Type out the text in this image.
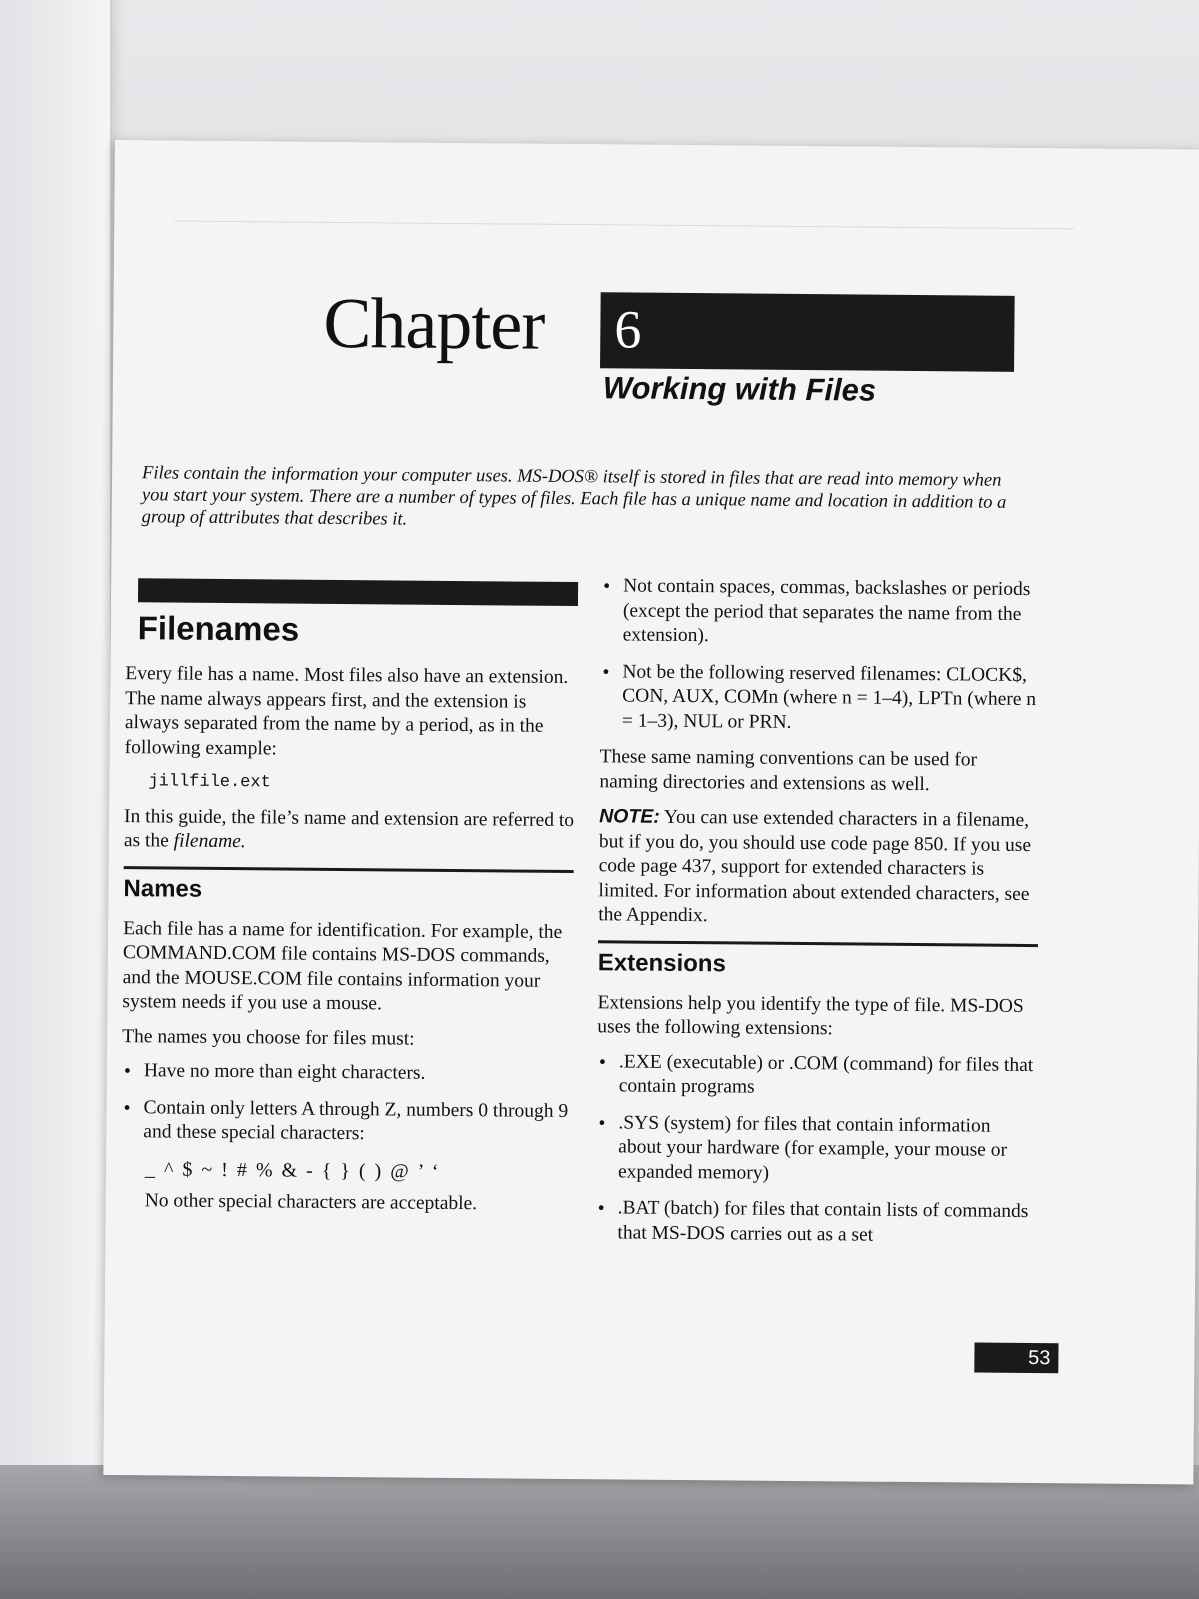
Chapter 6
Working with Files
Files contain the information your computer uses. MS-DOS® itself is stored in files that are read into memory when you start your system. There are a number of types of files. Each file has a unique name and location in addition to a group of attributes that describes it.
Filenames

Every file has a name. Most files also have an extension. The name always appears first, and the extension is always separated from the name by a period, as in the following example:

jillfile.ext

In this guide, the file’s name and extension are referred to as the filename.

Names

Each file has a name for identification. For example, the COMMAND.COM file contains MS-DOS commands, and the MOUSE.COM file contains information your system needs if you use a mouse.

The names you choose for files must:

• Have no more than eight characters.
• Contain only letters A through Z, numbers 0 through 9 and these special characters:
_ ^ $ ~ ! # % & - { } ( ) @ ’ ‘

No other special characters are acceptable.

• Not contain spaces, commas, backslashes or periods (except the period that separates the name from the extension).
• Not be the following reserved filenames: CLOCK$, CON, AUX, COMn (where n = 1–4), LPTn (where n = 1–3), NUL or PRN.

These same naming conventions can be used for naming directories and extensions as well.

NOTE: You can use extended characters in a filename, but if you do, you should use code page 850. If you use code page 437, support for extended characters is limited. For information about extended characters, see the Appendix.

Extensions

Extensions help you identify the type of file. MS-DOS uses the following extensions:

• .EXE (executable) or .COM (command) for files that contain programs
• .SYS (system) for files that contain information about your hardware (for example, your mouse or expanded memory)
• .BAT (batch) for files that contain lists of commands that MS-DOS carries out as a set
53
